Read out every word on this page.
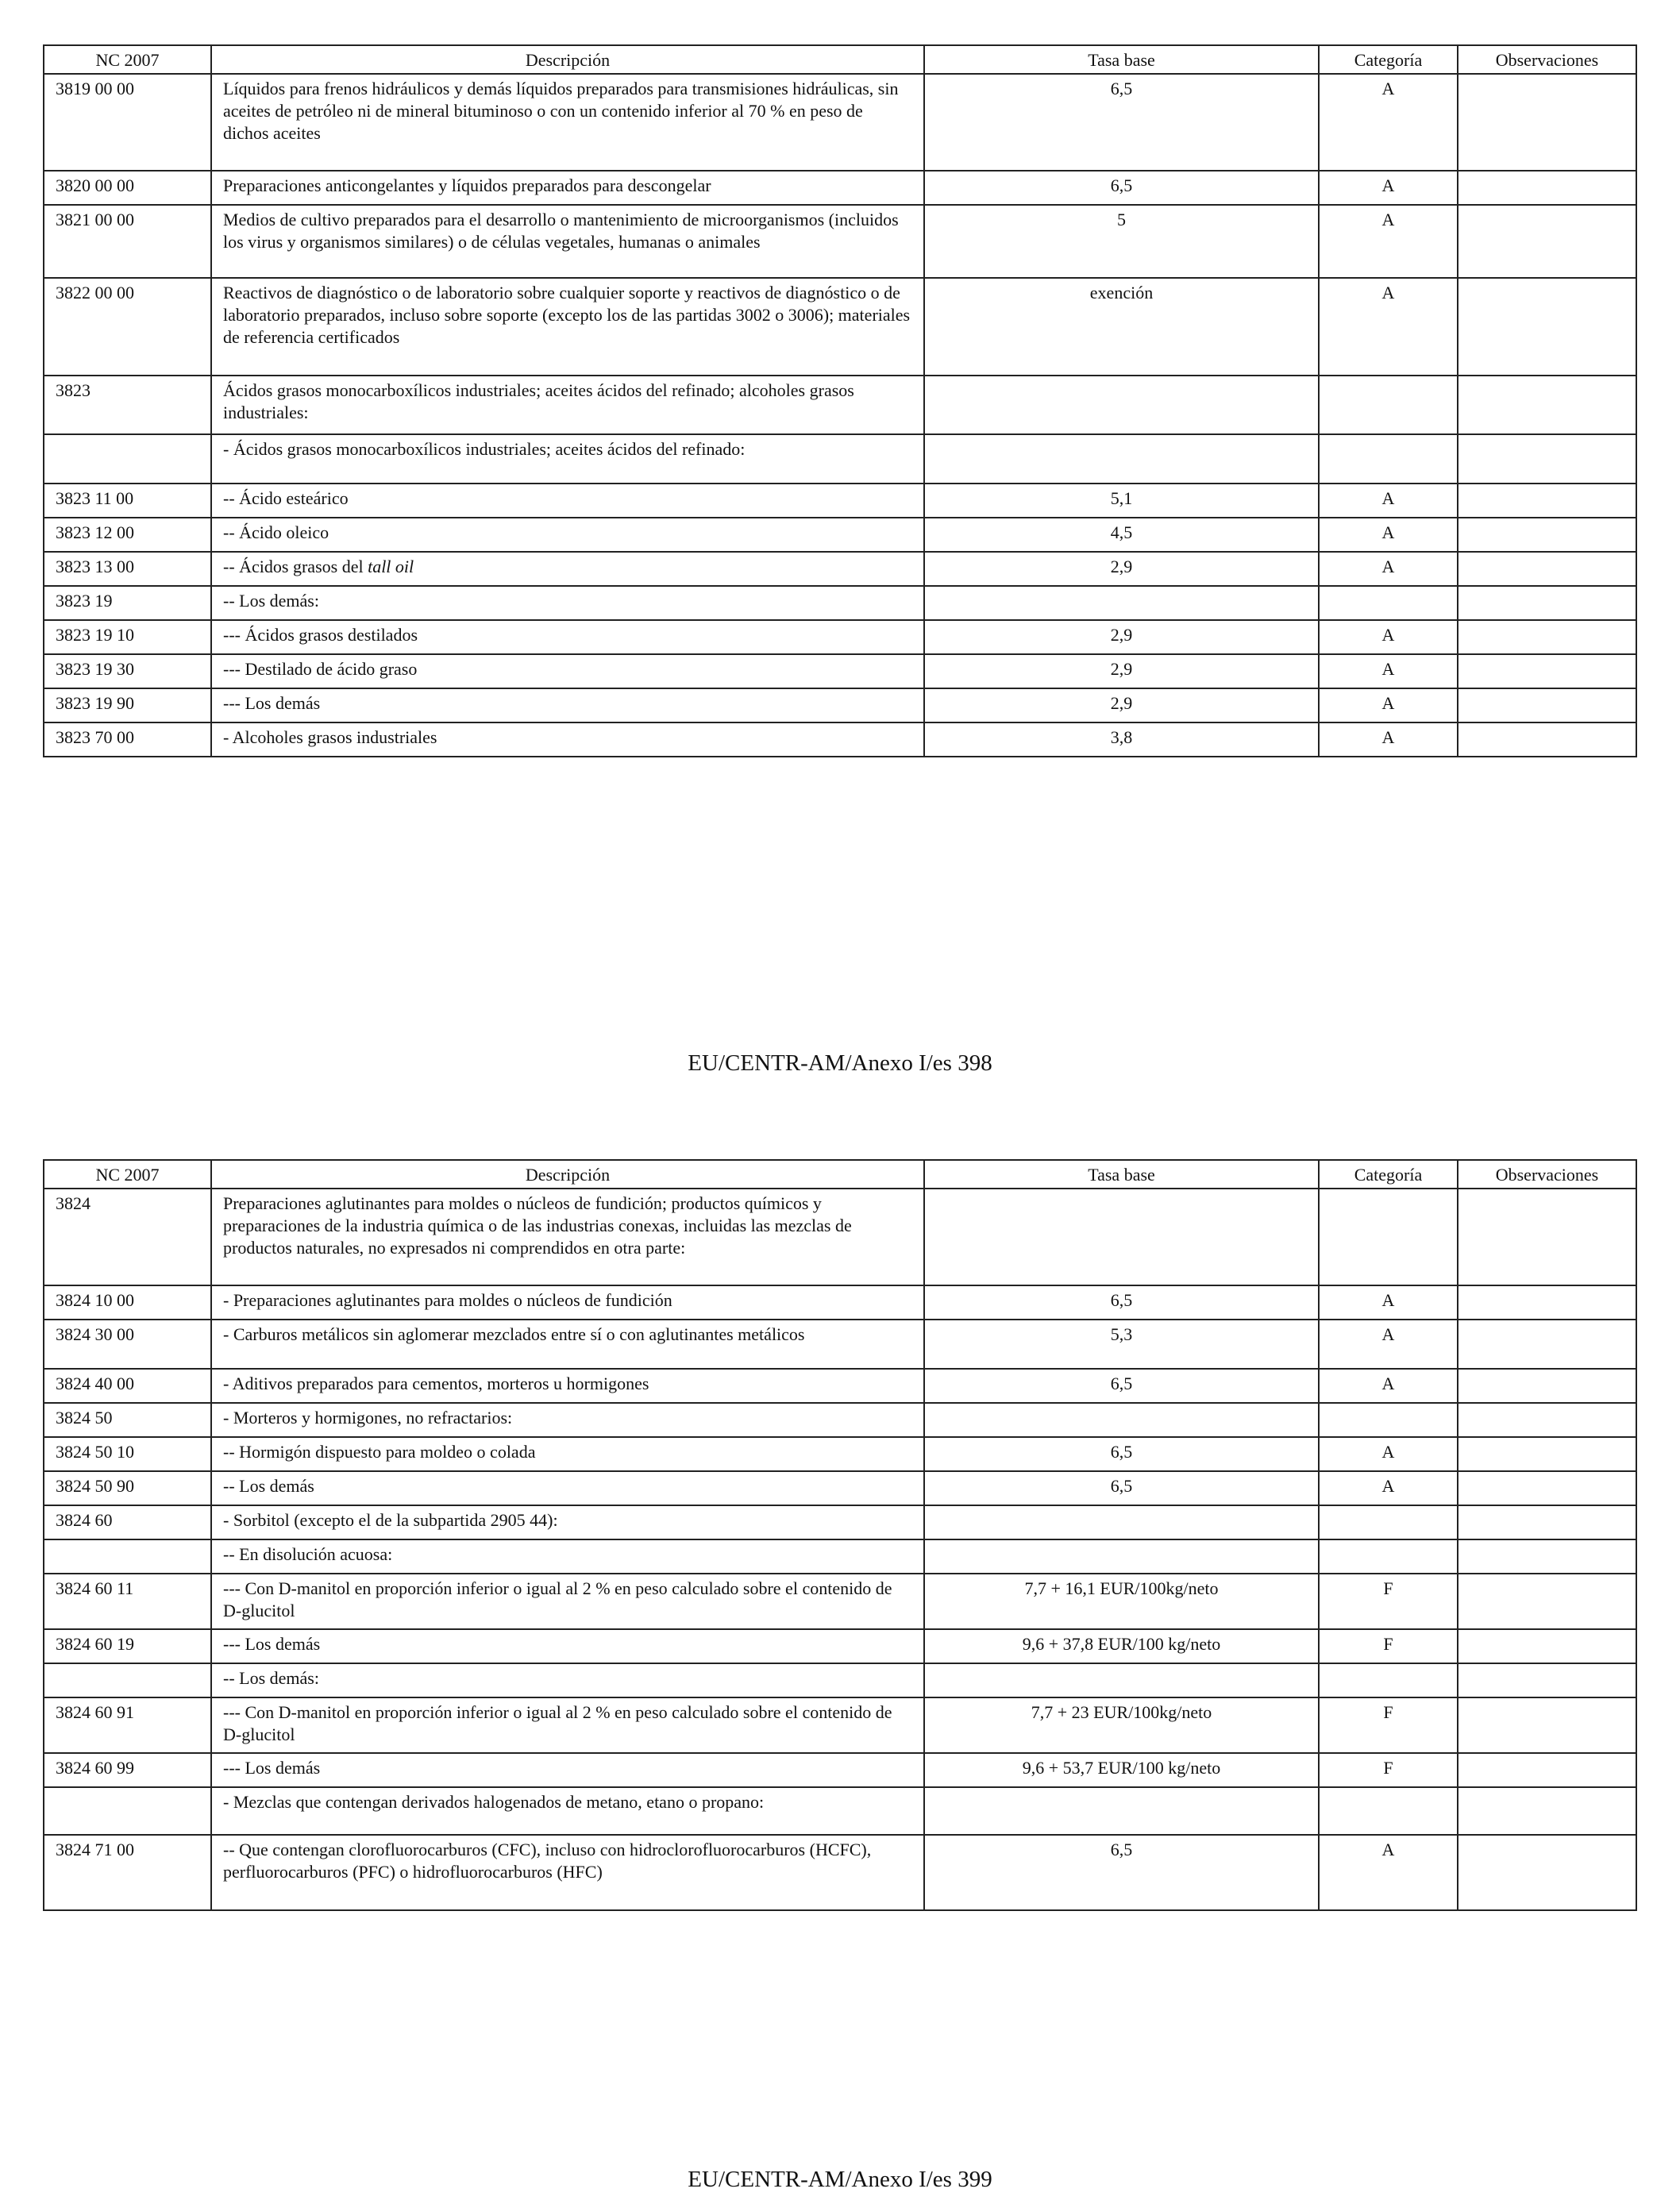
NC 2007	Descripción	Tasa base	Categoría	Observaciones
3819 00 00	Líquidos para frenos hidráulicos y demás líquidos preparados para transmisiones hidráulicas, sin aceites de petróleo ni de mineral bituminoso o con un contenido inferior al 70 % en peso de dichos aceites	6,5	A	
3820 00 00	Preparaciones anticongelantes y líquidos preparados para descongelar	6,5	A	
3821 00 00	Medios de cultivo preparados para el desarrollo o mantenimiento de microorganismos (incluidos los virus y organismos similares) o de células vegetales, humanas o animales	5	A	
3822 00 00	Reactivos de diagnóstico o de laboratorio sobre cualquier soporte y reactivos de diagnóstico o de laboratorio preparados, incluso sobre soporte (excepto los de las partidas 3002 o 3006); materiales de referencia certificados	exención	A	
3823	Ácidos grasos monocarboxílicos industriales; aceites ácidos del refinado; alcoholes grasos industriales:			
	- Ácidos grasos monocarboxílicos industriales; aceites ácidos del refinado:			
3823 11 00	-- Ácido esteárico	5,1	A	
3823 12 00	-- Ácido oleico	4,5	A	
3823 13 00	-- Ácidos grasos del tall oil	2,9	A	
3823 19	-- Los demás:			
3823 19 10	--- Ácidos grasos destilados	2,9	A	
3823 19 30	--- Destilado de ácido graso	2,9	A	
3823 19 90	--- Los demás	2,9	A	
3823 70 00	- Alcoholes grasos industriales	3,8	A	
EU/CENTR-AM/Anexo I/es 398
NC 2007	Descripción	Tasa base	Categoría	Observaciones
3824	Preparaciones aglutinantes para moldes o núcleos de fundición; productos químicos y preparaciones de la industria química o de las industrias conexas, incluidas las mezclas de productos naturales, no expresados ni comprendidos en otra parte:			
3824 10 00	- Preparaciones aglutinantes para moldes o núcleos de fundición	6,5	A	
3824 30 00	- Carburos metálicos sin aglomerar mezclados entre sí o con aglutinantes metálicos	5,3	A	
3824 40 00	- Aditivos preparados para cementos, morteros u hormigones	6,5	A	
3824 50	- Morteros y hormigones, no refractarios:			
3824 50 10	-- Hormigón dispuesto para moldeo o colada	6,5	A	
3824 50 90	-- Los demás	6,5	A	
3824 60	- Sorbitol (excepto el de la subpartida 2905 44):			
	-- En disolución acuosa:			
3824 60 11	--- Con D-manitol en proporción inferior o igual al 2 % en peso calculado sobre el contenido de D-glucitol	7,7 + 16,1 EUR/100kg/neto	F	
3824 60 19	--- Los demás	9,6 + 37,8 EUR/100 kg/neto	F	
	-- Los demás:			
3824 60 91	--- Con D-manitol en proporción inferior o igual al 2 % en peso calculado sobre el contenido de D-glucitol	7,7 + 23 EUR/100kg/neto	F	
3824 60 99	--- Los demás	9,6 + 53,7 EUR/100 kg/neto	F	
	- Mezclas que contengan derivados halogenados de metano, etano o propano:			
3824 71 00	-- Que contengan clorofluorocarburos (CFC), incluso con hidroclorofluorocarburos (HCFC), perfluorocarburos (PFC) o hidrofluorocarburos (HFC)	6,5	A	
EU/CENTR-AM/Anexo I/es 399
